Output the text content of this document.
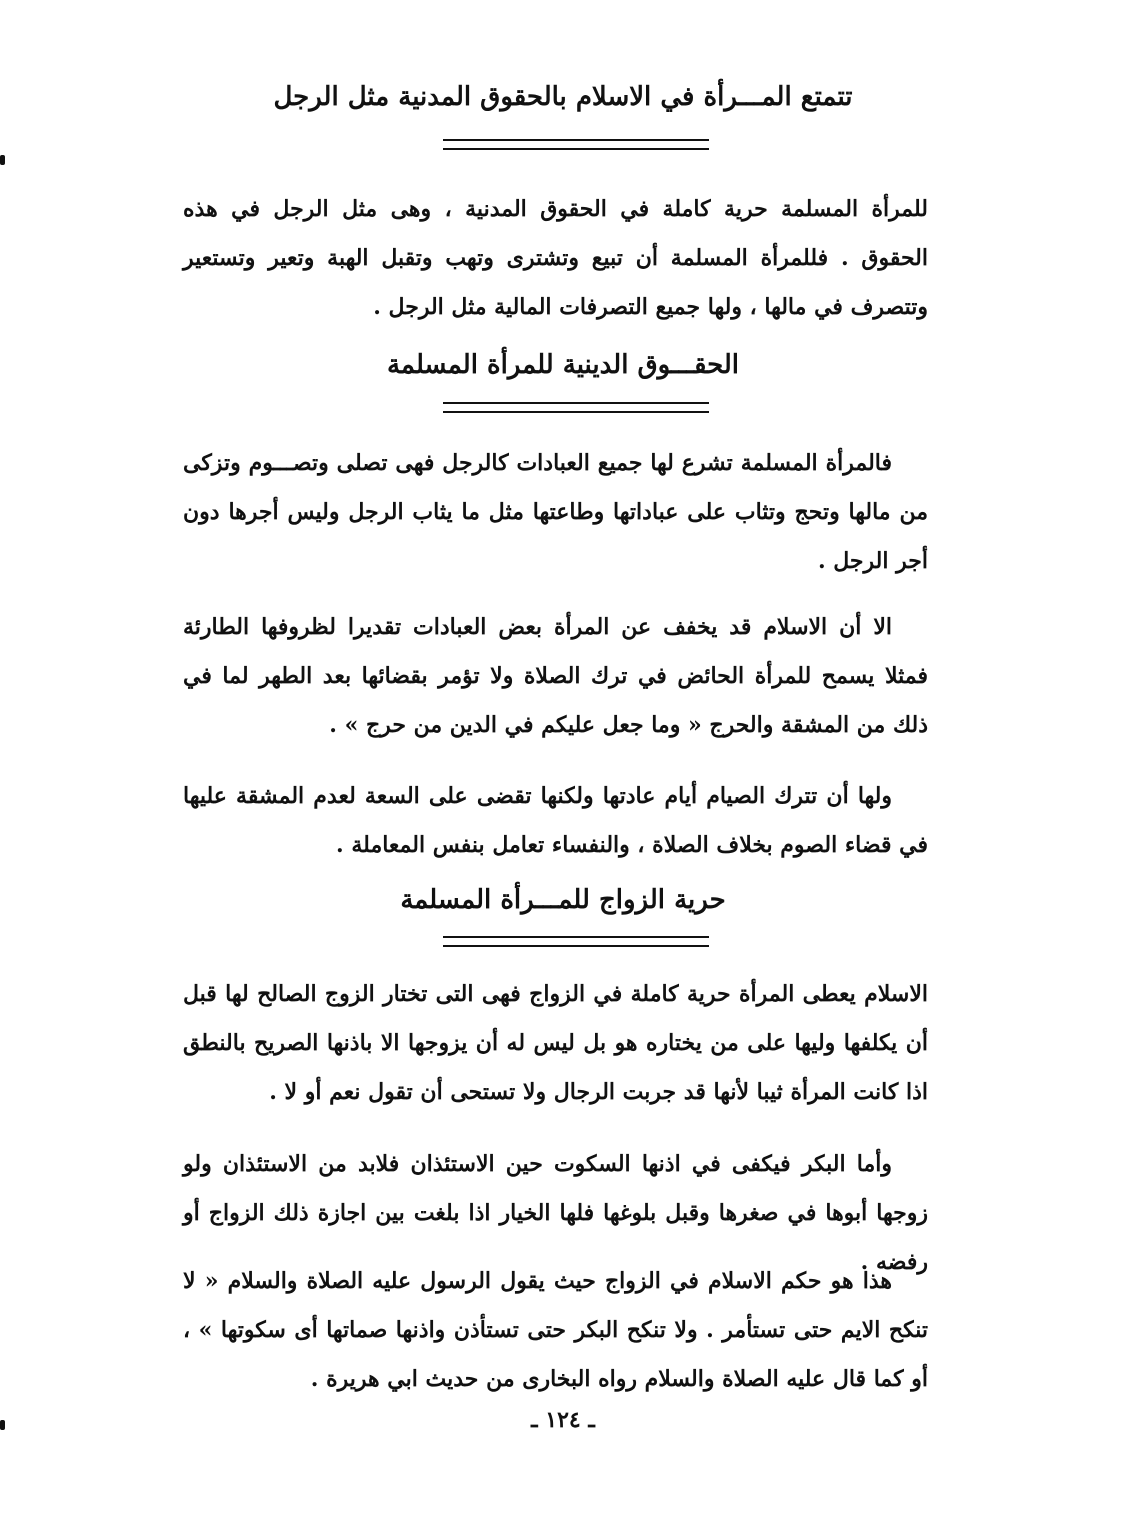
تتمتع المـــرأة في الاسلام بالحقوق المدنية مثل الرجل
للمرأة المسلمة حرية كاملة في الحقوق المدنية ، وهى مثل الرجل في هذه الحقوق . فللمرأة المسلمة أن تبيع وتشترى وتهب وتقبل الهبة وتعير وتستعير وتتصرف في مالها ، ولها جميع التصرفات المالية مثل الرجل .
الحقـــوق الدينية للمرأة المسلمة
فالمرأة المسلمة تشرع لها جميع العبادات كالرجل فهى تصلى وتصـــوم وتزكى من مالها وتحج وتثاب على عباداتها وطاعتها مثل ما يثاب الرجل وليس أجرها دون أجر الرجل .
الا أن الاسلام قد يخفف عن المرأة بعض العبادات تقديرا لظروفها الطارئة فمثلا يسمح للمرأة الحائض في ترك الصلاة ولا تؤمر بقضائها بعد الطهر لما في ذلك من المشقة والحرج « وما جعل عليكم في الدين من حرج » .
ولها أن تترك الصيام أيام عادتها ولكنها تقضى على السعة لعدم المشقة عليها في قضاء الصوم بخلاف الصلاة ، والنفساء تعامل بنفس المعاملة .
حرية الزواج للمـــرأة المسلمة
الاسلام يعطى المرأة حرية كاملة في الزواج فهى التى تختار الزوج الصالح لها قبل أن يكلفها وليها على من يختاره هو بل ليس له أن يزوجها الا باذنها الصريح بالنطق اذا كانت المرأة ثيبا لأنها قد جربت الرجال ولا تستحى أن تقول نعم أو لا .
وأما البكر فيكفى في اذنها السكوت حين الاستئذان فلابد من الاستئذان ولو زوجها أبوها في صغرها وقبل بلوغها فلها الخيار اذا بلغت بين اجازة ذلك الزواج أو رفضه .
هذا هو حكم الاسلام في الزواج حيث يقول الرسول عليه الصلاة والسلام « لا تنكح الايم حتى تستأمر . ولا تنكح البكر حتى تستأذن واذنها صماتها أى سكوتها » ، أو كما قال عليه الصلاة والسلام رواه البخارى من حديث ابي هريرة .
ـ ١٢٤ ـ
